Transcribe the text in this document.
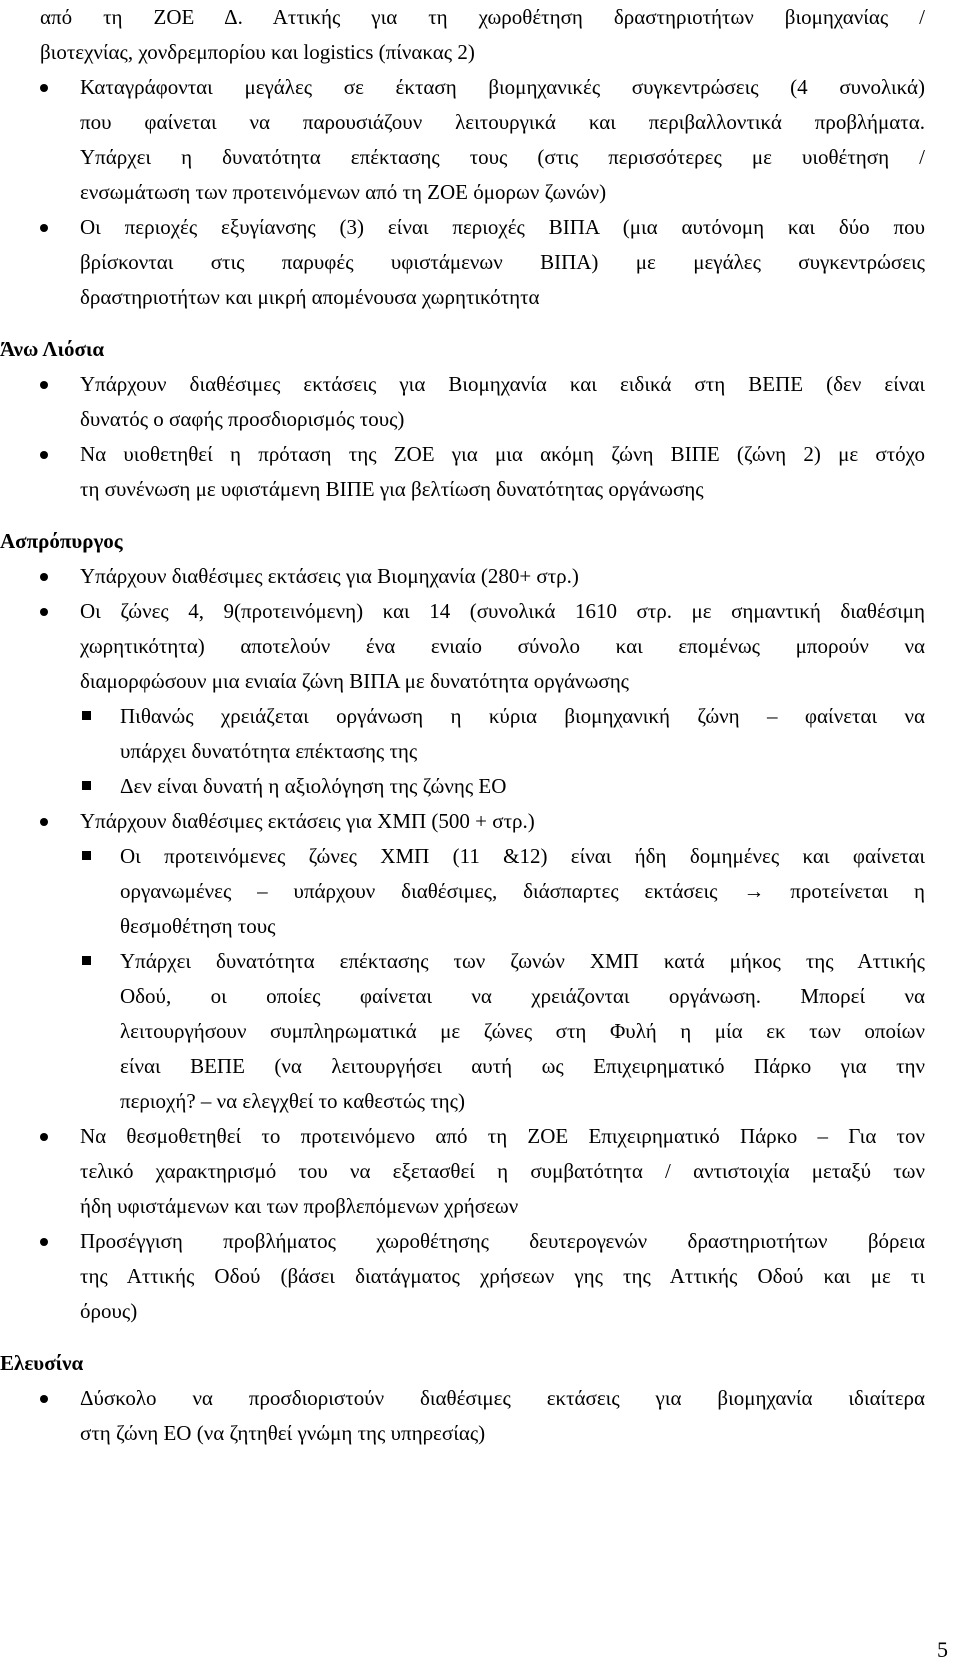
από τη ΖΟΕ Δ. Αττικής για τη χωροθέτηση δραστηριοτήτων βιομηχανίας /
βιοτεχνίας, χονδρεμπορίου και logistics (πίνακας 2)
Καταγράφονται μεγάλες σε έκταση βιομηχανικές συγκεντρώσεις (4 συνολικά)
που φαίνεται να παρουσιάζουν λειτουργικά και περιβαλλοντικά προβλήματα.
Υπάρχει η δυνατότητα επέκτασης τους (στις περισσότερες με υιοθέτηση /
ενσωμάτωση των προτεινόμενων από τη ΖΟΕ όμορων ζωνών)
Οι περιοχές εξυγίανσης (3) είναι περιοχές ΒΙΠΑ (μια αυτόνομη και δύο που
βρίσκονται στις παρυφές υφιστάμενων ΒΙΠΑ) με μεγάλες συγκεντρώσεις
δραστηριοτήτων και μικρή απομένουσα χωρητικότητα
Άνω Λιόσια
Υπάρχουν διαθέσιμες εκτάσεις για Βιομηχανία και ειδικά στη ΒΕΠΕ (δεν είναι
δυνατός ο σαφής προσδιορισμός τους)
Να υιοθετηθεί η πρόταση της ΖΟΕ για μια ακόμη ζώνη ΒΙΠΕ (ζώνη 2) με στόχο
τη συνένωση με υφιστάμενη ΒΙΠΕ για βελτίωση δυνατότητας οργάνωσης
Ασπρόπυργος
Υπάρχουν διαθέσιμες εκτάσεις για Βιομηχανία (280+ στρ.)
Οι ζώνες 4, 9(προτεινόμενη) και 14 (συνολικά 1610 στρ. με σημαντική διαθέσιμη
χωρητικότητα) αποτελούν ένα ενιαίο σύνολο και επομένως μπορούν να
διαμορφώσουν μια ενιαία ζώνη ΒΙΠΑ με δυνατότητα οργάνωσης
Πιθανώς χρειάζεται οργάνωση η κύρια βιομηχανική ζώνη – φαίνεται να
υπάρχει δυνατότητα επέκτασης της
Δεν είναι δυνατή η αξιολόγηση της ζώνης ΕΟ
Υπάρχουν διαθέσιμες εκτάσεις για ΧΜΠ (500 + στρ.)
Οι προτεινόμενες ζώνες ΧΜΠ (11 &12) είναι ήδη δομημένες και φαίνεται
οργανωμένες – υπάρχουν διαθέσιμες, διάσπαρτες εκτάσεις → προτείνεται η
θεσμοθέτηση τους
Υπάρχει δυνατότητα επέκτασης των ζωνών ΧΜΠ κατά μήκος της Αττικής
Οδού, οι οποίες φαίνεται να χρειάζονται οργάνωση. Μπορεί να
λειτουργήσουν συμπληρωματικά με ζώνες στη Φυλή η μία εκ των οποίων
είναι ΒΕΠΕ (να λειτουργήσει αυτή ως Επιχειρηματικό Πάρκο για την
περιοχή? – να ελεγχθεί το καθεστώς της)
Να θεσμοθετηθεί το προτεινόμενο από τη ΖΟΕ Επιχειρηματικό Πάρκο – Για τον
τελικό χαρακτηρισμό του να εξετασθεί η συμβατότητα / αντιστοιχία μεταξύ των
ήδη υφιστάμενων και των προβλεπόμενων χρήσεων
Προσέγγιση προβλήματος χωροθέτησης δευτερογενών δραστηριοτήτων βόρεια
της Αττικής Οδού (βάσει διατάγματος χρήσεων γης της Αττικής Οδού και με τι
όρους)
Ελευσίνα
Δύσκολο να προσδιοριστούν διαθέσιμες εκτάσεις για βιομηχανία ιδιαίτερα
στη ζώνη ΕΟ (να ζητηθεί γνώμη της υπηρεσίας)
5
